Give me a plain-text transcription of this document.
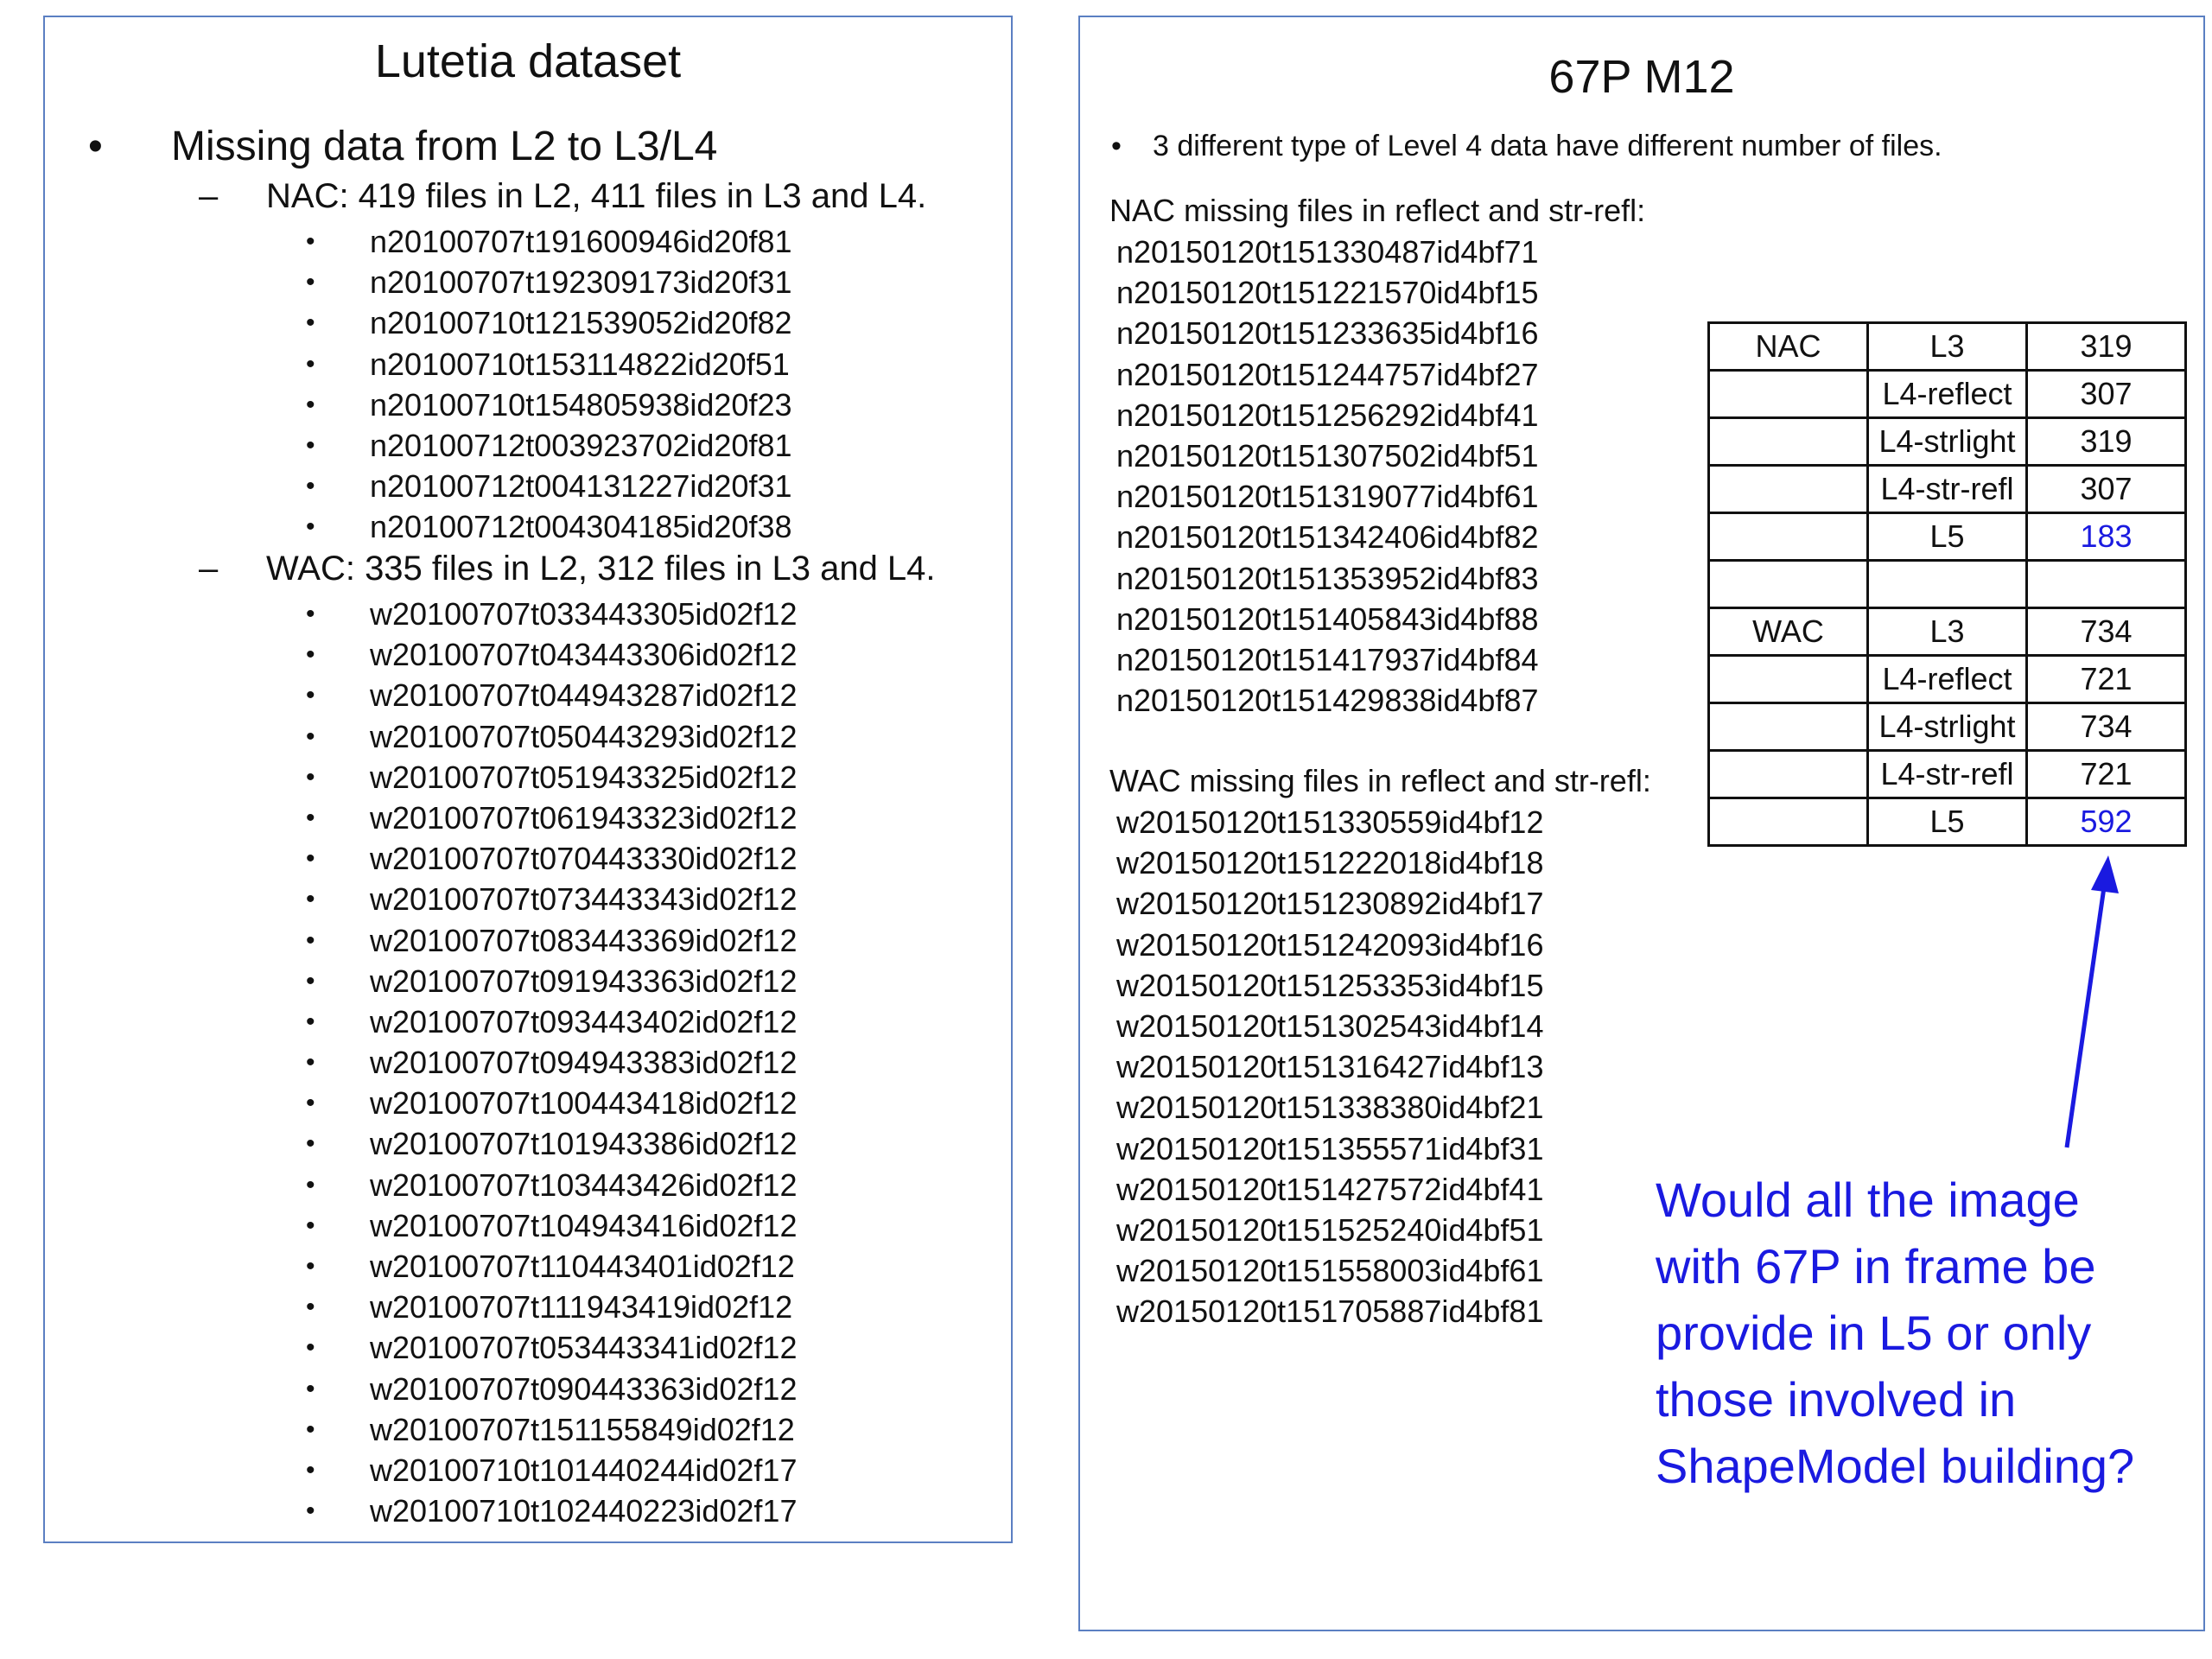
Lutetia dataset
• Missing data from L2 to L3/L4
– NAC: 419 files in L2, 411 files in L3 and L4.
• n20100707t191600946id20f81
• n20100707t192309173id20f31
• n20100710t121539052id20f82
• n20100710t153114822id20f51
• n20100710t154805938id20f23
• n20100712t003923702id20f81
• n20100712t004131227id20f31
• n20100712t004304185id20f38
– WAC: 335 files in L2, 312 files in L3 and L4.
• w20100707t033443305id02f12
• w20100707t043443306id02f12
• w20100707t044943287id02f12
• w20100707t050443293id02f12
• w20100707t051943325id02f12
• w20100707t061943323id02f12
• w20100707t070443330id02f12
• w20100707t073443343id02f12
• w20100707t083443369id02f12
• w20100707t091943363id02f12
• w20100707t093443402id02f12
• w20100707t094943383id02f12
• w20100707t100443418id02f12
• w20100707t101943386id02f12
• w20100707t103443426id02f12
• w20100707t104943416id02f12
• w20100707t110443401id02f12
• w20100707t111943419id02f12
• w20100707t053443341id02f12
• w20100707t090443363id02f12
• w20100707t151155849id02f12
• w20100710t101440244id02f17
• w20100710t102440223id02f17
67P M12
• 3 different type of Level 4 data have different number of files.
NAC missing files in reflect and str-refl:
n20150120t151330487id4bf71
n20150120t151221570id4bf15
n20150120t151233635id4bf16
n20150120t151244757id4bf27
n20150120t151256292id4bf41
n20150120t151307502id4bf51
n20150120t151319077id4bf61
n20150120t151342406id4bf82
n20150120t151353952id4bf83
n20150120t151405843id4bf88
n20150120t151417937id4bf84
n20150120t151429838id4bf87
WAC missing files in reflect and str-refl:
w20150120t151330559id4bf12
w20150120t151222018id4bf18
w20150120t151230892id4bf17
w20150120t151242093id4bf16
w20150120t151253353id4bf15
w20150120t151302543id4bf14
w20150120t151316427id4bf13
w20150120t151338380id4bf21
w20150120t151355571id4bf31
w20150120t151427572id4bf41
w20150120t151525240id4bf51
w20150120t151558003id4bf61
w20150120t151705887id4bf81
NAC	L3	319
	L4-reflect	307
	L4-strlight	319
	L4-str-refl	307
	L5	183

WAC	L3	734
	L4-reflect	721
	L4-strlight	734
	L4-str-refl	721
	L5	592
Would all the image with 67P in frame be provide in L5 or only those involved in ShapeModel building?
